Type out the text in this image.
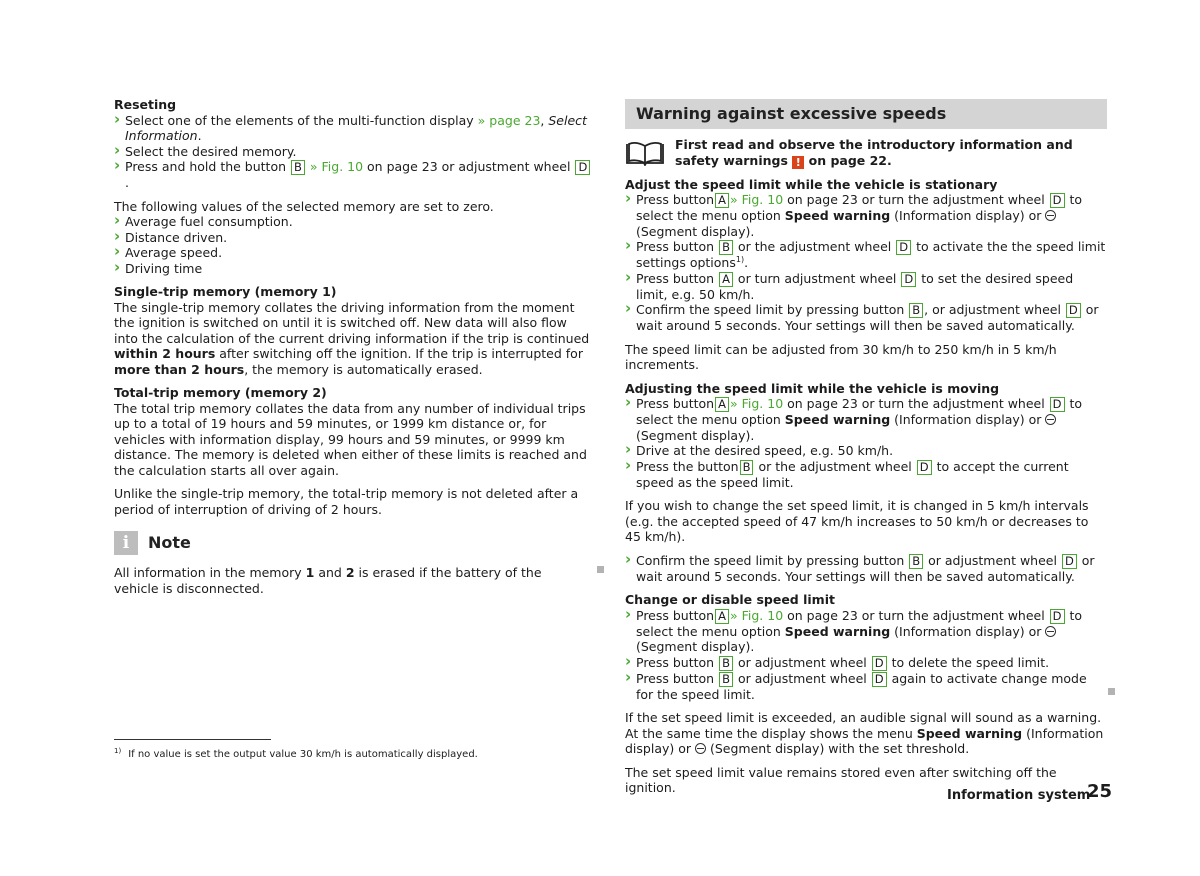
Reseting

› Select one of the elements of the multi-function display » page 23, Select Information.

› Select the desired memory.

› Press and hold the button B » Fig. 10 on page 23 or adjustment wheel D.

The following values of the selected memory are set to zero.

› Average fuel consumption.

› Distance driven.

› Average speed.

› Driving time

Single-trip memory (memory 1)

The single-trip memory collates the driving information from the moment the ignition is switched on until it is switched off. New data will also flow into the calculation of the current driving information if the trip is continued within 2 hours after switching off the ignition. If the trip is interrupted for more than 2 hours, the memory is automatically erased.

Total-trip memory (memory 2)

The total trip memory collates the data from any number of individual trips up to a total of 19 hours and 59 minutes, or 1999 km distance or, for vehicles with information display, 99 hours and 59 minutes, or 9999 km distance. The memory is deleted when either of these limits is reached and the calculation starts all over again.

Unlike the single-trip memory, the total-trip memory is not deleted after a period of interruption of driving of 2 hours.

i	Note

All information in the memory 1 and 2 is erased if the battery of the vehicle is disconnected.

Warning against excessive speeds

First read and observe the introductory information and safety warnings ! on page 22.

Adjust the speed limit while the vehicle is stationary

› Press button A » Fig. 10 on page 23 or turn the adjustment wheel D to select the menu option Speed warning (Information display) or  (Segment display).

› Press button B or the adjustment wheel D to activate the the speed limit settings options$^{1)}$.

› Press button A or turn adjustment wheel D to set the desired speed limit, e.g. 50 km/h.

› Confirm the speed limit by pressing button B , or adjustment wheel D or wait around 5 seconds. Your settings will then be saved automatically.

The speed limit can be adjusted from 30 km/h to 250 km/h in 5 km/h increments.

Adjusting the speed limit while the vehicle is moving

› Press button A » Fig. 10 on page 23 or turn the adjustment wheel D to select the menu option Speed warning (Information display) or  (Segment display).

› Drive at the desired speed, e.g. 50 km/h.

› Press the button B or the adjustment wheel D to accept the current speed as the speed limit.

If you wish to change the set speed limit, it is changed in 5 km/h intervals (e.g. the accepted speed of 47 km/h increases to 50 km/h or decreases to 45 km/h).

› Confirm the speed limit by pressing button B or adjustment wheel D or wait around 5 seconds. Your settings will then be saved automatically.

Change or disable speed limit

› Press button A » Fig. 10 on page 23 or turn the adjustment wheel D to select the menu option Speed warning (Information display) or  (Segment display).

› Press button B or adjustment wheel D to delete the speed limit.

› Press button B or adjustment wheel D again to activate change mode for the speed limit.

If the set speed limit is exceeded, an audible signal will sound as a warning. At the same time the display shows the menu Speed warning (Information display) or  (Segment display) with the set threshold.

The set speed limit value remains stored even after switching off the ignition.

$^{1)}$ If no value is set the output value 30 km/h is automatically displayed.
Information system
25
